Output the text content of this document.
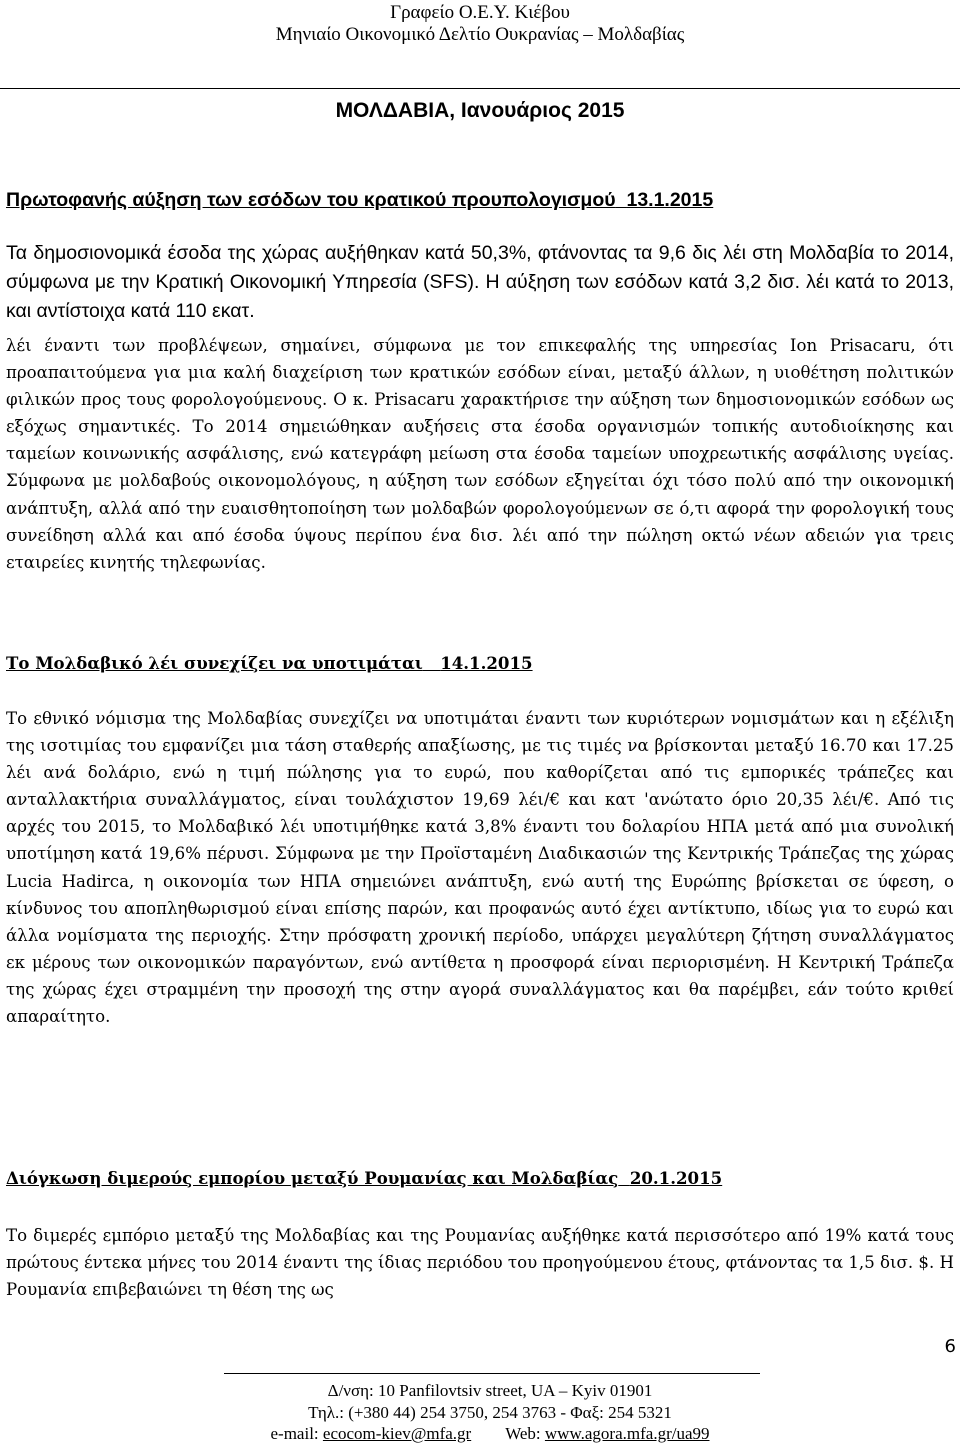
Γραφείο Ο.Ε.Υ. Κιέβου
Μηνιαίο Οικονομικό Δελτίο Ουκρανίας – Μολδαβίας
ΜΟΛΔΑΒΙΑ, Ιανουάριος 2015
Πρωτοφανής αύξηση των εσόδων του κρατικού προυπολογισμού 13.1.2015

Τα δημοσιονομικά έσοδα της χώρας αυξήθηκαν κατά 50,3%, φτάνοντας τα 9,6 δις λέι στη Μολδαβία το 2014, σύμφωνα με την Κρατική Οικονομική Υπηρεσία (SFS). Η αύξηση των εσόδων κατά 3,2 δισ. λέι κατά το 2013, και αντίστοιχα κατά 110 εκατ.

λέι έναντι των προβλέψεων, σημαίνει, σύμφωνα με τον επικεφαλής της υπηρεσίας Ion Prisacaru, ότι προαπαιτούμενα για μια καλή διαχείριση των κρατικών εσόδων είναι, μεταξύ άλλων, η υιοθέτηση πολιτικών φιλικών προς τους φορολογούμενους. Ο κ. Prisacaru χαρακτήρισε την αύξηση των δημοσιονομικών εσόδων ως εξόχως σημαντικές. Το 2014 σημειώθηκαν αυξήσεις στα έσοδα οργανισμών τοπικής αυτοδιοίκησης και ταμείων κοινωνικής ασφάλισης, ενώ κατεγράφη μείωση στα έσοδα ταμείων υποχρεωτικής ασφάλισης υγείας. Σύμφωνα με μολδαβούς οικονομολόγους, η αύξηση των εσόδων εξηγείται όχι τόσο πολύ από την οικονομική ανάπτυξη, αλλά από την ευαισθητοποίηση των μολδαβών φορολογούμενων σε ό,τι αφορά την φορολογική τους συνείδηση αλλά και από έσοδα ύψους περίπου ένα δισ. λέι από την πώληση οκτώ νέων αδειών για τρεις εταιρείες κινητής τηλεφωνίας.

Το Μολδαβικό λέι συνεχίζει να υποτιμάται 14.1.2015

Το εθνικό νόμισμα της Μολδαβίας συνεχίζει να υποτιμάται έναντι των κυριότερων νομισμάτων και η εξέλιξη της ισοτιμίας του εμφανίζει μια τάση σταθερής απαξίωσης, με τις τιμές να βρίσκονται μεταξύ 16.70 και 17.25 λέι ανά δολάριο, ενώ η τιμή πώλησης για το ευρώ, που καθορίζεται από τις εμπορικές τράπεζες και ανταλλακτήρια συναλλάγματος, είναι τουλάχιστον 19,69 λέι/€ και κατ 'ανώτατο όριο 20,35 λέι/€. Από τις αρχές του 2015, το Μολδαβικό λέι υποτιμήθηκε κατά 3,8% έναντι του δολαρίου ΗΠΑ μετά από μια συνολική υποτίμηση κατά 19,6% πέρυσι. Σύμφωνα με την Προϊσταμένη Διαδικασιών της Κεντρικής Τράπεζας της χώρας Lucia Hadirca, η οικονομία των ΗΠΑ σημειώνει ανάπτυξη, ενώ αυτή της Ευρώπης βρίσκεται σε ύφεση, ο κίνδυνος του αποπληθωρισμού είναι επίσης παρών, και προφανώς αυτό έχει αντίκτυπο, ιδίως για το ευρώ και άλλα νομίσματα της περιοχής. Στην πρόσφατη χρονική περίοδο, υπάρχει μεγαλύτερη ζήτηση συναλλάγματος εκ μέρους των οικονομικών παραγόντων, ενώ αντίθετα η προσφορά είναι περιορισμένη. Η Κεντρική Τράπεζα της χώρας έχει στραμμένη την προσοχή της στην αγορά συναλλάγματος και θα παρέμβει, εάν τούτο κριθεί απαραίτητο.

Διόγκωση διμερούς εμπορίου μεταξύ Ρουμανίας και Μολδαβίας 20.1.2015

Το διμερές εμπόριο μεταξύ της Μολδαβίας και της Ρουμανίας αυξήθηκε κατά περισσότερο από 19% κατά τους πρώτους έντεκα μήνες του 2014 έναντι της ίδιας περιόδου του προηγούμενου έτους, φτάνοντας τα 1,5 δισ. $. Η Ρουμανία επιβεβαιώνει τη θέση της ως

6
Δ/νση: 10 Panfilovtsiv street, UA – Kyiv 01901
Τηλ.: (+380 44) 254 3750, 254 3763 - Φαξ: 254 5321
e-mail: ecocom-kiev@mfa.gr Web: www.agora.mfa.gr/ua99
